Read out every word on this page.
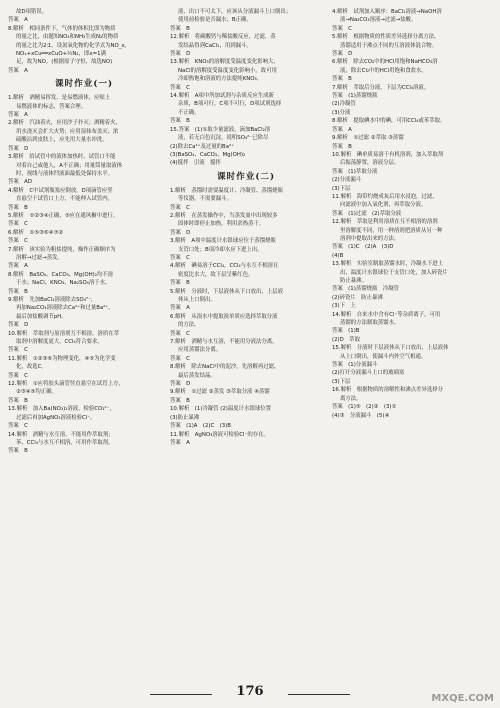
故D项错误。
答案　A
8.解析　相同条件下，气体的体积比即为物质
的量之比，由题知NO₂和NH₃生成N₂的物质
的量之比为2∶1，设氮氧化物的化学式为NO_x，
NOₓ+xCu══xCuO+½N₂，即x=1满
足，故为NO。(根据原子守恒，故选NO)
答案　A
课时作业(一)
1.解析　酒精易挥发，是易燃液体，应贴上
易燃液体的标志，答案合理。
答案　A
2.解析　汽油着火，应用沙子扑灭；酒精着火，
用水浇灭会扩大火势；应用湿抹布盖灭；浓
硫酸沾到皮肤上，应先用大量水冲洗。
答案　D
3.解析　给试管中的液体加热时，试管口不能
对着自己或他人，A不正确；用量筒量取液体
时，视线与液体凹液面最低处保持水平。
答案　AD
4.解析　C中试剂瓶塞应倒放，D项滴管应竖
直悬空于试管口上方，不能伸入试管内。
答案　B
5.解析　①②③④正确，⑤应在通风橱中进行。
答案　C
6.解析　①⑤③⑥④⑦②
答案　C
7.解析　该实验为粗盐提纯，操作正确顺序为
溶解→过滤→蒸发。
答案　A
8.解析　BaSO₄、CaCO₃、Mg(OH)₂均不溶
于水；NaCl、KNO₃、Na₂SO₄溶于水。
答案　B
9.解析　先加BaCl₂溶液除去SO₄²⁻，
再加Na₂CO₃溶液除去Ca²⁺和过量Ba²⁺，
最后加盐酸调节pH。
答案　D
10.解析　萃取剂与原溶剂互不相溶，溶质在萃
取剂中溶解度更大，CCl₄符合要求。
答案　C
11.解析　①②③⑥为物理变化，④⑤为化学变
化，故选C。
答案　C
12.解析　①应将胶头滴管竖直悬空在试管上方，
②③④⑤均正确。
答案　B
13.解析　加入Ba(NO₃)₂溶液，检验CO₃²⁻，
过滤后再加AgNO₃溶液检验Cl⁻。
答案　C
14.解析　酒精与水互溶，不能用作萃取剂；
苯、CCl₄与水互不相溶，可用作萃取剂。
答案　B
液，出口不可太下，应该从分液漏斗上口倒出；
使用前检验是否漏水；B正确。
答案　B
12.解析　将碳酸钙与稀盐酸反应，过滤，蒸
发结晶得到CaCl₂，用到漏斗。
答案　D
13.解析　KNO₃的溶解度受温度变化影响大，
NaCl的溶解度受温度变化影响小，故可用
冷却热饱和溶液的方法提纯KNO₃。
答案　C
14.解析　A项中所加试剂与杂质反应生成新
杂质，B项可行，C项不可行，D项试剂选择
不正确。
答案　B
15.答案　(1)①取少量滤液，滴加BaCl₂溶
液，若无白色沉淀，说明SO₄²⁻已除尽
(2)除去Ca²⁺及过量的Ba²⁺
(3)BaSO₄、CaCO₃、Mg(OH)₂
(4)搅拌　引流　搅拌
课时作业(二)
1.解析　蒸馏时需要温度计、冷凝管、蒸馏烧瓶
等仪器，不需要漏斗。
答案　C
2.解析　在蒸发操作中，当蒸发皿中出现较多
固体时即停止加热，利用余热蒸干。
答案　D
3.解析　A项中温度计水银球应位于蒸馏烧瓶
支管口处；B项冷却水应下进上出。
答案　C
4.解析　碘易溶于CCl₄，CCl₄与水互不相溶且
密度比水大，故下层呈紫红色。
答案　B
5.解析　分液时，下层液体从下口放出，上层液
体从上口倒出。
答案　A
6.解析　从溴水中提取溴单质应选择萃取分液
的方法。
答案　C
7.解析　酒精与水互溶，不能用分液法分离，
应用蒸馏法分离。
答案　C
8.解析　除去NaCl中的泥沙，先溶解再过滤，
最后蒸发结晶。
答案　D
9.解析　①过滤 ②蒸发 ③萃取分液 ④蒸馏
答案　B
10.解析　(1)冷凝管 (2)温度计水银球位置
(3)防止暴沸
答案　(1)A　(2)C　(3)B
11.解析　AgNO₃溶液可检验Cl⁻的存在。
答案　A
4.解析　试剂加入顺序：BaCl₂溶液→NaOH溶
液→Na₂CO₃溶液→过滤→盐酸。
答案　C
5.解析　根据物质的性质差异选择分离方法，
蒸馏适用于沸点不同的互溶液体混合物。
答案　D
6.解析　除去CO₂中的HCl用饱和NaHCO₃溶
液，除去Cl₂中的HCl用饱和食盐水。
答案　B
7.解析　萃取后分液，下层为CCl₄溶液。
答案　(1)蒸馏烧瓶
(2)冷凝管
(3)分液
8.解析　提取碘水中的碘，可用CCl₄或苯萃取。
答案　A
9.解析　①过滤 ②萃取 ③蒸馏
答案　B
10.解析　碘单质易溶于有机溶剂，加入萃取剂
后振荡静置，溶液分层。
答案　(1)萃取分液
(2)分液漏斗
(3)下层
11.解析　海带灼烧成灰后用水浸泡，过滤，
向滤液中加入氧化剂，再萃取分液。
答案　(1)过滤　(2)萃取分液
12.解析　萃取是利用溶质在互不相溶的溶剂
里溶解度不同，用一种溶剂把溶质从另一种
溶剂中提取出来的方法。
答案　(1)C　(2)A　(3)D
(4)B
13.解析　实验室制取蒸馏水时，冷凝水下进上
出，温度计水银球位于支管口处，加入碎瓷片
防止暴沸。
答案　(1)蒸馏烧瓶　冷凝管
(2)碎瓷片　防止暴沸
(3)下　上
14.解析　自来水中含有Cl⁻等杂质离子，可用
蒸馏的方法制取蒸馏水。
答案　(1)B
(2)D　萃取
15.解析　分液时下层液体从下口放出，上层液体
从上口倒出，使漏斗内外空气相通。
答案　(1)分液漏斗
(2)打开分液漏斗上口的玻璃塞
(3)下层
16.解析　根据物质的溶解性和沸点差异选择分
离方法。
答案　(1)⑤　(2)②　(3)①
(4)③　分液漏斗　(5)④
176	MXQE.COM
